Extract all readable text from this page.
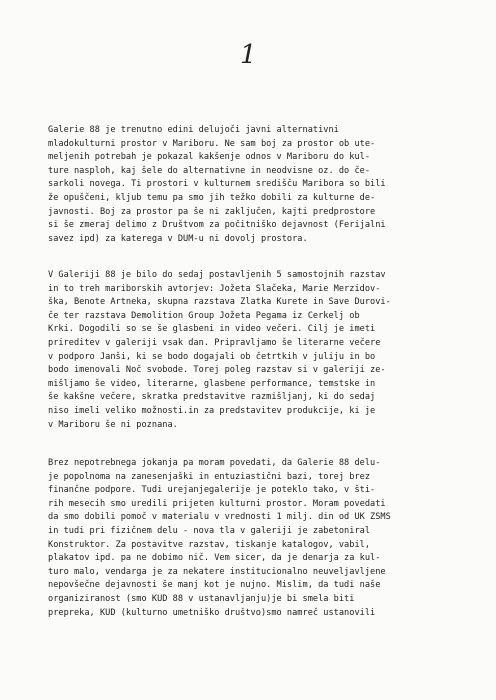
1
Galerie 88 je trenutno edini delujoči javni alternativni
mladokulturni prostor v Mariboru. Ne sam boj za prostor ob ute-
meljenih potrebah je pokazal kakšenje odnos v Mariboru do kul-
ture nasploh, kaj šele do alternativne in neodvisne oz. do če-
sarkoli novega. Ti prostori v kulturnem središču Maribora so bili
že opuščeni, kljub temu pa smo jih težko dobili za kulturne de-
javnosti. Boj za prostor pa še ni zaključen, kajti predprostore
si še zmeraj delimo z Društvom za počitniško dejavnost (Ferijalni
savez ipd) za katerega v DUM-u ni dovolj prostora.
V Galeriji 88 je bilo do sedaj postavljenih 5 samostojnih razstav
in to treh mariborskih avtorjev: Jožeta Slačeka, Marie Merzidov-
ška, Benote Artneka, skupna razstava Zlatka Kurete in Save Durovi-
če ter razstava Demolition Group Jožeta Pegama iz Cerkelj ob
Krki. Dogodili so se še glasbeni in video večeri. Cilj je imeti
prireditev v galeriji vsak dan. Pripravljamo še literarne večere
v podporo Janši, ki se bodo dogajali ob četrtkih v juliju in bo
bodo imenovali Noč svobode. Torej poleg razstav si v galeriji ze-
mišljamo še video, literarne, glasbene performance, temstske in
še kakšne večere, skratka predstavitve razmišljanj, ki do sedaj
niso imeli veliko možnosti.in za predstavitev produkcije, ki je
v Mariboru še ni poznana.
Brez nepotrebnega jokanja pa moram povedati, da Galerie 88 delu-
je popolnoma na zanesenjaški in entuziastični bazi, torej brez
finančne podpore. Tudi urejanjegalerije je poteklo tako, v šti-
rih mesecih smo uredili prijeten kulturni prostor. Moram povedati
da smo dobili pomoč v materialu v vrednosti 1 milj. din od UK ZSMS
in tudi pri fizičnem delu - nova tla v galeriji je zabetoniral
Konstruktor. Za postavitve razstav, tiskanje katalogov, vabil,
plakatov ipd. pa ne dobimo nič. Vem sicer, da je denarja za kul-
turo malo, vendarga je za nekatere institucionalno neuveljavljene
nepovšečne dejavnosti še manj kot je nujno. Mislim, da tudi naše
organiziranost (smo KUD 88 v ustanavljanju)je bi smela biti
prepreka, KUD (kulturno umetniško društvo)smo namreč ustanovili
